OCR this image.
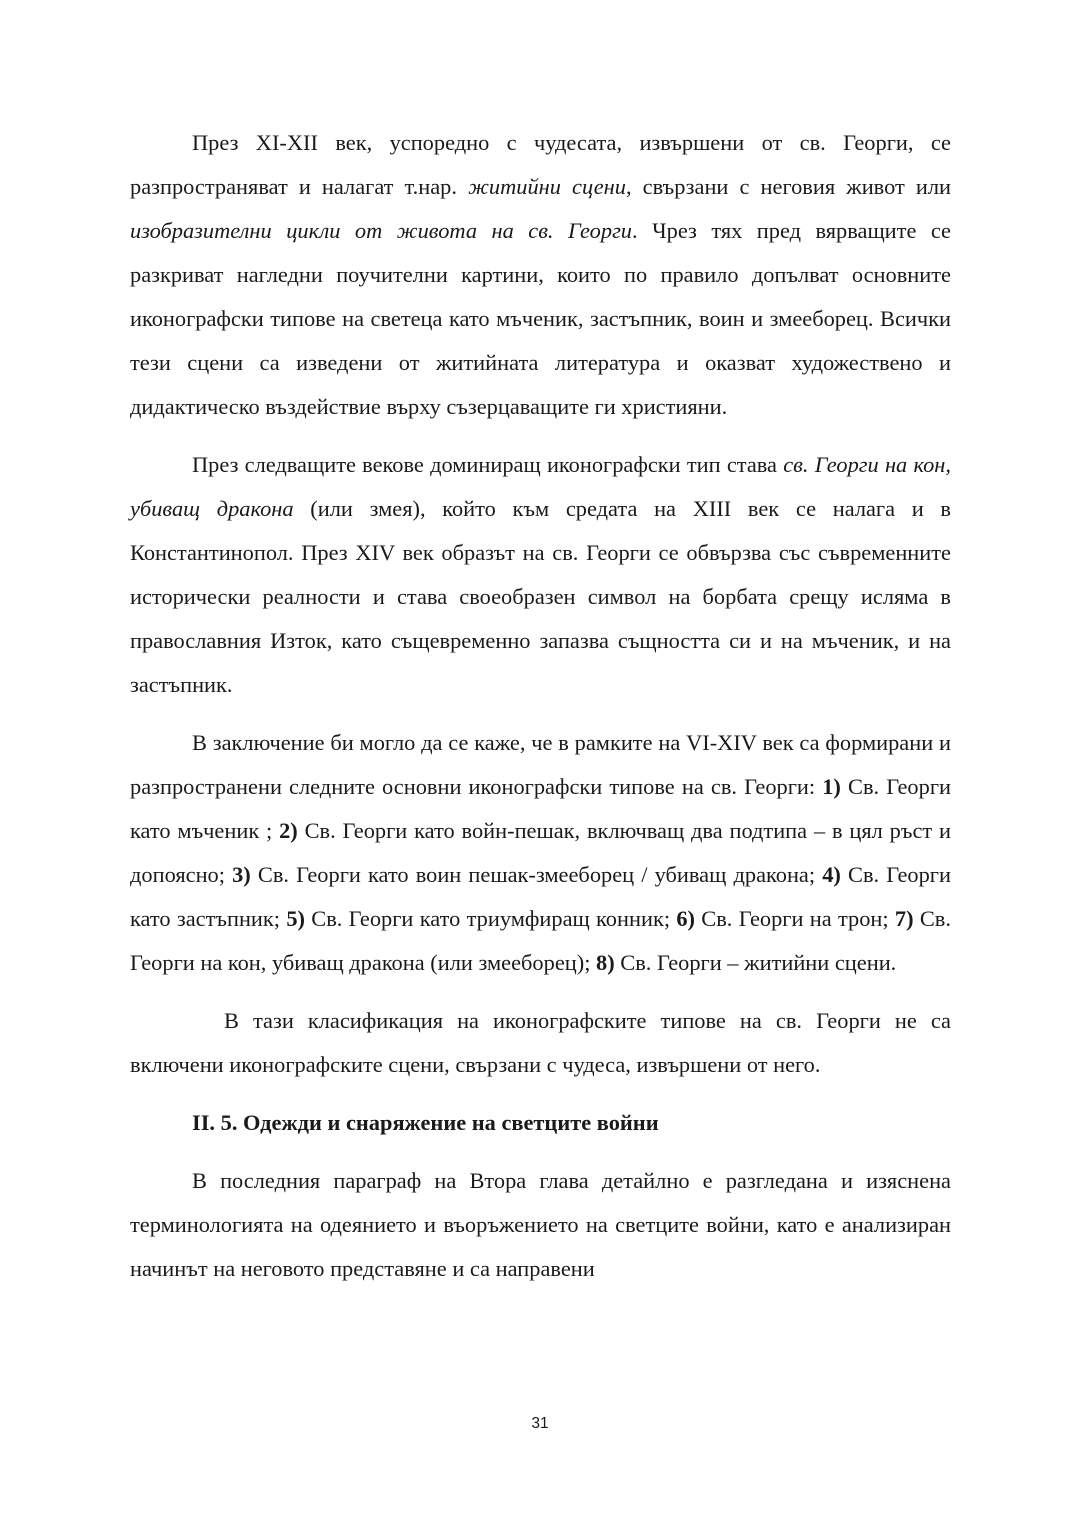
През XI-XII век, успоредно с чудесата, извършени от св. Георги, се разпространяват и налагат т.нар. житийни сцени, свързани с неговия живот или изобразителни цикли от живота на св. Георги. Чрез тях пред вярващите се разкриват нагледни поучителни картини, които по правило допълват основните иконографски типове на светеца като мъченик, застъпник, воин и змееборец. Всички тези сцени са изведени от житийната литература и оказват художествено и дидактическо въздействие върху съзерцаващите ги християни.

През следващите векове доминиращ иконографски тип става св. Георги на кон, убиващ дракона (или змея), който към средата на XIII век се налага и в Константинопол. През XIV век образът на св. Георги се обвързва със съвременните исторически реалности и става своеобразен символ на борбата срещу исляма в православния Изток, като същевременно запазва същността си и на мъченик, и на застъпник.

В заключение би могло да се каже, че в рамките на VI-XIV век са формирани и разпространени следните основни иконографски типове на св. Георги: 1) Св. Георги като мъченик ; 2) Св. Георги като войн-пешак, включващ два подтипа – в цял ръст и допоясно; 3) Св. Георги като воин пешак-змееборец / убиващ дракона; 4) Св. Георги като застъпник; 5) Св. Георги като триумфиращ конник; 6) Св. Георги на трон; 7) Св. Георги на кон, убиващ дракона (или змееборец); 8) Св. Георги – житийни сцени.

В тази класификация на иконографските типове на св. Георги не са включени иконографските сцени, свързани с чудеса, извършени от него.

II. 5. Одежди и снаряжение на светците войни

В последния параграф на Втора глава детайлно е разгледана и изяснена терминологията на одеянието и въоръжението на светците войни, като е анализиран начинът на неговото представяне и са направени

31
